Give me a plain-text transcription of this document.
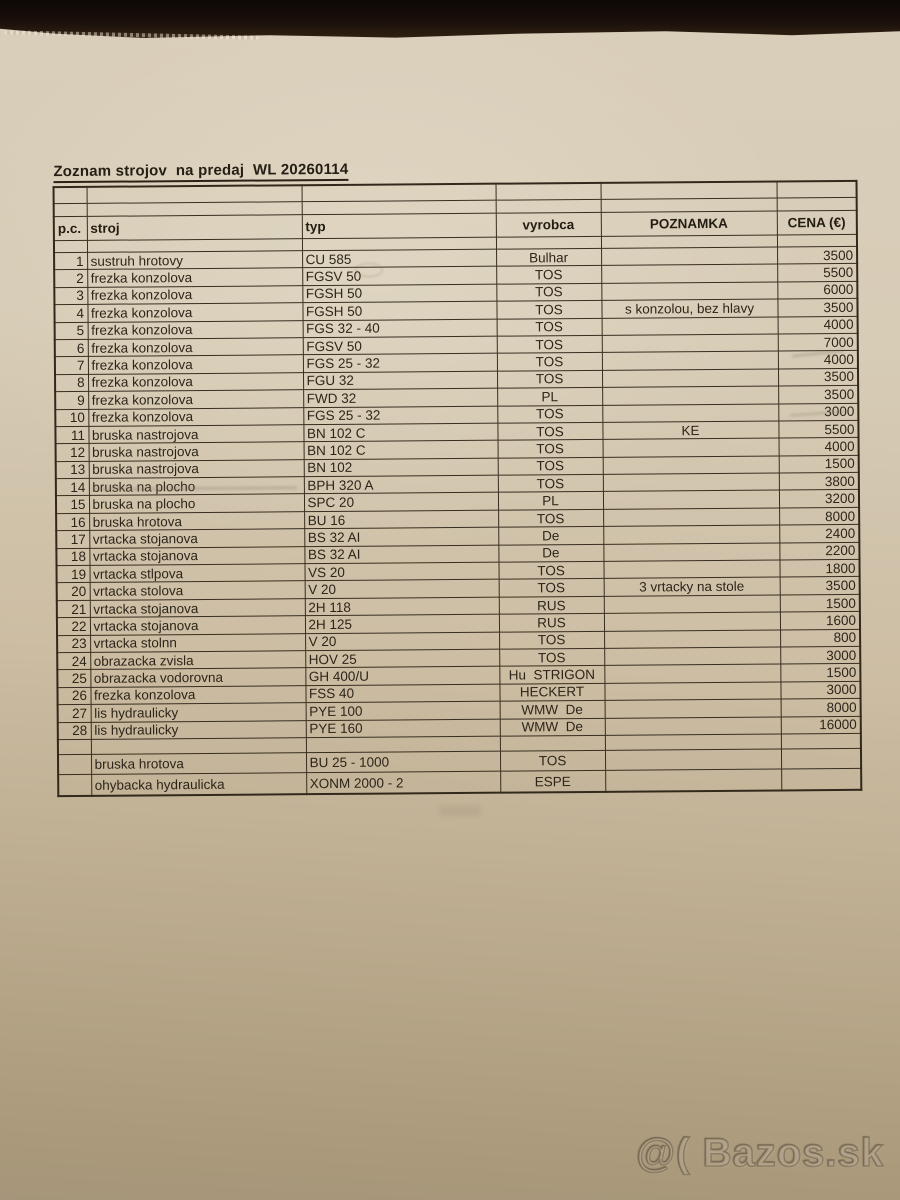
Zoznam strojov  na predaj  WL 20260114

p.c.	stroj	typ	vyrobca	POZNAMKA	CENA (€)

1	sustruh hrotovy	CU 585	Bulhar		3500
2	frezka konzolova	FGSV 50	TOS		5500
3	frezka konzolova	FGSH 50	TOS		6000
4	frezka konzolova	FGSH 50	TOS	s konzolou, bez hlavy	3500
5	frezka konzolova	FGS 32 - 40	TOS		4000
6	frezka konzolova	FGSV 50	TOS		7000
7	frezka konzolova	FGS 25 - 32	TOS		4000
8	frezka konzolova	FGU 32	TOS		3500
9	frezka konzolova	FWD 32	PL		3500
10	frezka konzolova	FGS 25 - 32	TOS		3000
11	bruska nastrojova	BN 102 C	TOS	KE	5500
12	bruska nastrojova	BN 102 C	TOS		4000
13	bruska nastrojova	BN 102	TOS		1500
14	bruska na plocho	BPH 320 A	TOS		3800
15	bruska na plocho	SPC 20	PL		3200
16	bruska hrotova	BU 16	TOS		8000
17	vrtacka stojanova	BS 32 AI	De		2400
18	vrtacka stojanova	BS 32 AI	De		2200
19	vrtacka stlpova	VS 20	TOS		1800
20	vrtacka stolova	V 20	TOS	3 vrtacky na stole	3500
21	vrtacka stojanova	2H 118	RUS		1500
22	vrtacka stojanova	2H 125	RUS		1600
23	vrtacka stolnn	V 20	TOS		800
24	obrazacka zvisla	HOV 25	TOS		3000
25	obrazacka vodorovna	GH 400/U	Hu  STRIGON		1500
26	frezka konzolova	FSS 40	HECKERT		3000
27	lis hydraulicky	PYE 100	WMW  De		8000
28	lis hydraulicky	PYE 160	WMW  De		16000

	bruska hrotova	BU 25 - 1000	TOS		
	ohybacka hydraulicka	XONM 2000 - 2	ESPE		
@( Bazos.sk
